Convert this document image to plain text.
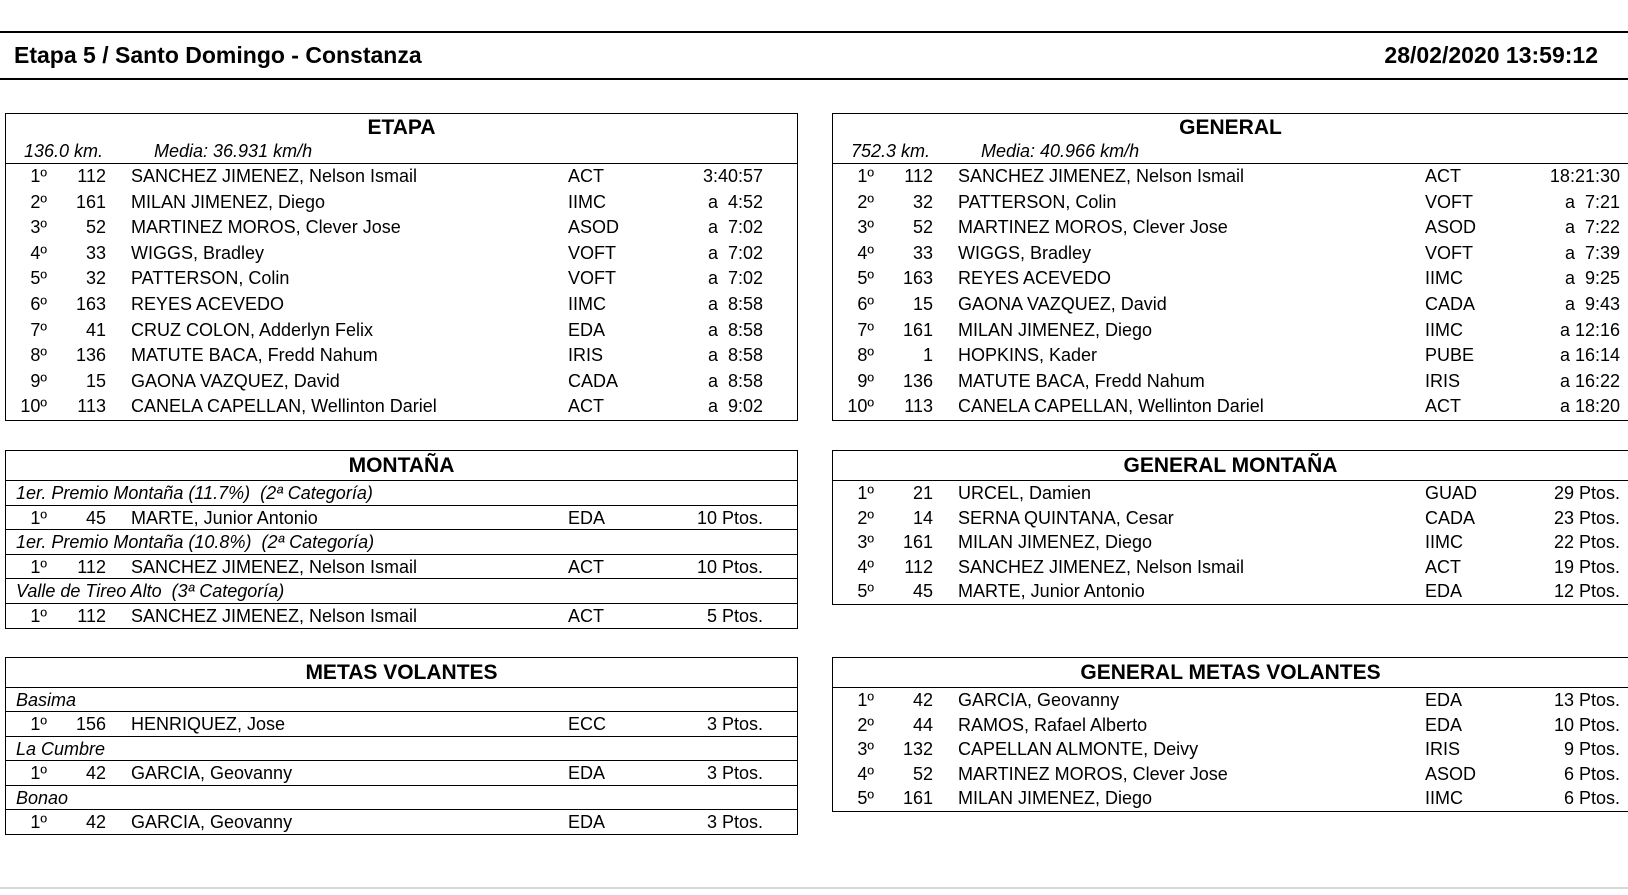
Etapa 5 / Santo Domingo - Constanza	28/02/2020 13:59:12
ETAPA
136.0 km.	Media: 36.931 km/h
1º	112 SANCHEZ JIMENEZ, Nelson Ismail	ACT	3:40:57
2º	161 MILAN JIMENEZ, Diego	IIMC	a  4:52
3º	52 MARTINEZ MOROS, Clever Jose	ASOD	a  7:02
4º	33 WIGGS, Bradley	VOFT	a  7:02
5º	32 PATTERSON, Colin	VOFT	a  7:02
6º	163 REYES ACEVEDO	IIMC	a  8:58
7º	41 CRUZ COLON, Adderlyn Felix	EDA	a  8:58
8º	136 MATUTE BACA, Fredd Nahum	IRIS	a  8:58
9º	15 GAONA VAZQUEZ, David	CADA	a  8:58
10º	113 CANELA CAPELLAN, Wellinton Dariel	ACT	a  9:02
MONTAÑA
1er. Premio Montaña (11.7%)  (2ª Categoría)
1º	45 MARTE, Junior Antonio	EDA	10 Ptos.
1er. Premio Montaña (10.8%)  (2ª Categoría)
1º	112 SANCHEZ JIMENEZ, Nelson Ismail	ACT	10 Ptos.
Valle de Tireo Alto  (3ª Categoría)
1º	112 SANCHEZ JIMENEZ, Nelson Ismail	ACT	5 Ptos.
METAS VOLANTES
Basima
1º	156 HENRIQUEZ, Jose	ECC	3 Ptos.
La Cumbre
1º	42 GARCIA, Geovanny	EDA	3 Ptos.
Bonao
1º	42 GARCIA, Geovanny	EDA	3 Ptos.
GENERAL
752.3 km.	Media: 40.966 km/h
1º	112 SANCHEZ JIMENEZ, Nelson Ismail	ACT	18:21:30
2º	32 PATTERSON, Colin	VOFT	a  7:21
3º	52 MARTINEZ MOROS, Clever Jose	ASOD	a  7:22
4º	33 WIGGS, Bradley	VOFT	a  7:39
5º	163 REYES ACEVEDO	IIMC	a  9:25
6º	15 GAONA VAZQUEZ, David	CADA	a  9:43
7º	161 MILAN JIMENEZ, Diego	IIMC	a 12:16
8º	1 HOPKINS, Kader	PUBE	a 16:14
9º	136 MATUTE BACA, Fredd Nahum	IRIS	a 16:22
10º	113 CANELA CAPELLAN, Wellinton Dariel	ACT	a 18:20
GENERAL MONTAÑA
1º	21 URCEL, Damien	GUAD	29 Ptos.
2º	14 SERNA QUINTANA, Cesar	CADA	23 Ptos.
3º	161 MILAN JIMENEZ, Diego	IIMC	22 Ptos.
4º	112 SANCHEZ JIMENEZ, Nelson Ismail	ACT	19 Ptos.
5º	45 MARTE, Junior Antonio	EDA	12 Ptos.
GENERAL METAS VOLANTES
1º	42 GARCIA, Geovanny	EDA	13 Ptos.
2º	44 RAMOS, Rafael Alberto	EDA	10 Ptos.
3º	132 CAPELLAN ALMONTE, Deivy	IRIS	9 Ptos.
4º	52 MARTINEZ MOROS, Clever Jose	ASOD	6 Ptos.
5º	161 MILAN JIMENEZ, Diego	IIMC	6 Ptos.
